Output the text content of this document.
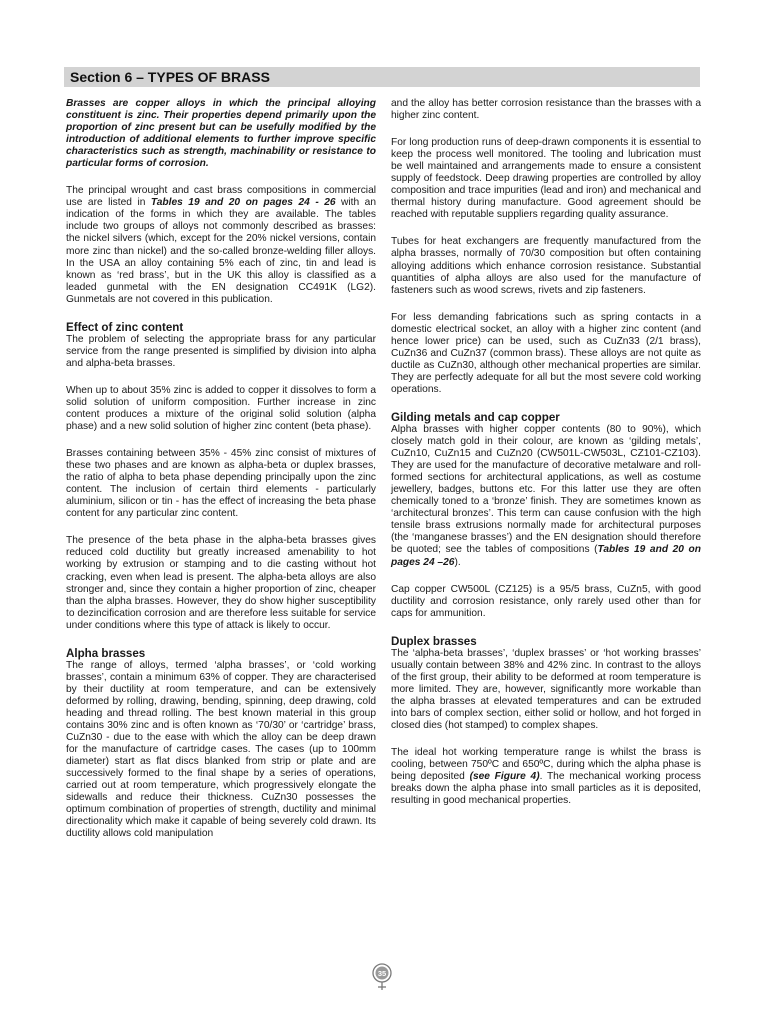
Section 6 – TYPES OF BRASS

Brasses are copper alloys in which the principal alloying constituent is zinc. Their properties depend primarily upon the proportion of zinc present but can be usefully modified by the introduction of additional elements to further improve specific characteristics such as strength, machinability or resistance to particular forms of corrosion.

The principal wrought and cast brass compositions in commercial use are listed in Tables 19 and 20 on pages 24 - 26 with an indication of the forms in which they are available. The tables include two groups of alloys not commonly described as brasses: the nickel silvers (which, except for the 20% nickel versions, contain more zinc than nickel) and the so-called bronze-welding filler alloys. In the USA an alloy containing 5% each of zinc, tin and lead is known as ‘red brass’, but in the UK this alloy is classified as a leaded gunmetal with the EN designation CC491K (LG2). Gunmetals are not covered in this publication.

Effect of zinc content

The problem of selecting the appropriate brass for any particular service from the range presented is simplified by division into alpha and alpha-beta brasses.

When up to about 35% zinc is added to copper it dissolves to form a solid solution of uniform composition. Further increase in zinc content produces a mixture of the original solid solution (alpha phase) and a new solid solution of higher zinc content (beta phase).

Brasses containing between 35% - 45% zinc consist of mixtures of these two phases and are known as alpha-beta or duplex brasses, the ratio of alpha to beta phase depending principally upon the zinc content. The inclusion of certain third elements - particularly aluminium, silicon or tin - has the effect of increasing the beta phase content for any particular zinc content.

The presence of the beta phase in the alpha-beta brasses gives reduced cold ductility but greatly increased amenability to hot working by extrusion or stamping and to die casting without hot cracking, even when lead is present. The alpha-beta alloys are also stronger and, since they contain a higher proportion of zinc, cheaper than the alpha brasses. However, they do show higher susceptibility to dezincification corrosion and are therefore less suitable for service under conditions where this type of attack is likely to occur.

Alpha brasses

The range of alloys, termed ‘alpha brasses’, or ‘cold working brasses’, contain a minimum 63% of copper. They are characterised by their ductility at room temperature, and can be extensively deformed by rolling, drawing, bending, spinning, deep drawing, cold heading and thread rolling. The best known material in this group contains 30% zinc and is often known as ‘70/30’ or ‘cartridge’ brass, CuZn30 - due to the ease with which the alloy can be deep drawn for the manufacture of cartridge cases. The cases (up to 100mm diameter) start as flat discs blanked from strip or plate and are successively formed to the final shape by a series of operations, carried out at room temperature, which progressively elongate the sidewalls and reduce their thickness. CuZn30 possesses the optimum combination of properties of strength, ductility and minimal directionality which make it capable of being severely cold drawn. Its ductility allows cold manipulation

and the alloy has better corrosion resistance than the brasses with a higher zinc content.

For long production runs of deep-drawn components it is essential to keep the process well monitored. The tooling and lubrication must be well maintained and arrangements made to ensure a consistent supply of feedstock. Deep drawing properties are controlled by alloy composition and trace impurities (lead and iron) and mechanical and thermal history during manufacture. Good agreement should be reached with reputable suppliers regarding quality assurance.

Tubes for heat exchangers are frequently manufactured from the alpha brasses, normally of 70/30 composition but often containing alloying additions which enhance corrosion resistance. Substantial quantities of alpha alloys are also used for the manufacture of fasteners such as wood screws, rivets and zip fasteners.

For less demanding fabrications such as spring contacts in a domestic electrical socket, an alloy with a higher zinc content (and hence lower price) can be used, such as CuZn33 (2/1 brass), CuZn36 and CuZn37 (common brass). These alloys are not quite as ductile as CuZn30, although other mechanical properties are similar. They are perfectly adequate for all but the most severe cold working operations.

Gilding metals and cap copper

Alpha brasses with higher copper contents (80 to 90%), which closely match gold in their colour, are known as ‘gilding metals’, CuZn10, CuZn15 and CuZn20 (CW501L-CW503L, CZ101-CZ103). They are used for the manufacture of decorative metalware and roll-formed sections for architectural applications, as well as costume jewellery, badges, buttons etc. For this latter use they are often chemically toned to a ‘bronze’ finish. They are sometimes known as ‘architectural bronzes’. This term can cause confusion with the high tensile brass extrusions normally made for architectural purposes (the ‘manganese brasses’) and the EN designation should therefore be quoted; see the tables of compositions (Tables 19 and 20 on pages 24 –26).

Cap copper CW500L (CZ125) is a 95/5 brass, CuZn5, with good ductility and corrosion resistance, only rarely used other than for caps for ammunition.

Duplex brasses

The ‘alpha-beta brasses’, ‘duplex brasses’ or ‘hot working brasses’ usually contain between 38% and 42% zinc. In contrast to the alloys of the first group, their ability to be deformed at room temperature is more limited. They are, however, significantly more workable than the alpha brasses at elevated temperatures and can be extruded into bars of complex section, either solid or hollow, and hot forged in closed dies (hot stamped) to complex shapes.

The ideal hot working temperature range is whilst the brass is cooling, between 750ºC and 650ºC, during which the alpha phase is being deposited (see Figure 4). The mechanical working process breaks down the alpha phase into small particles as it is deposited, resulting in good mechanical properties.

35
